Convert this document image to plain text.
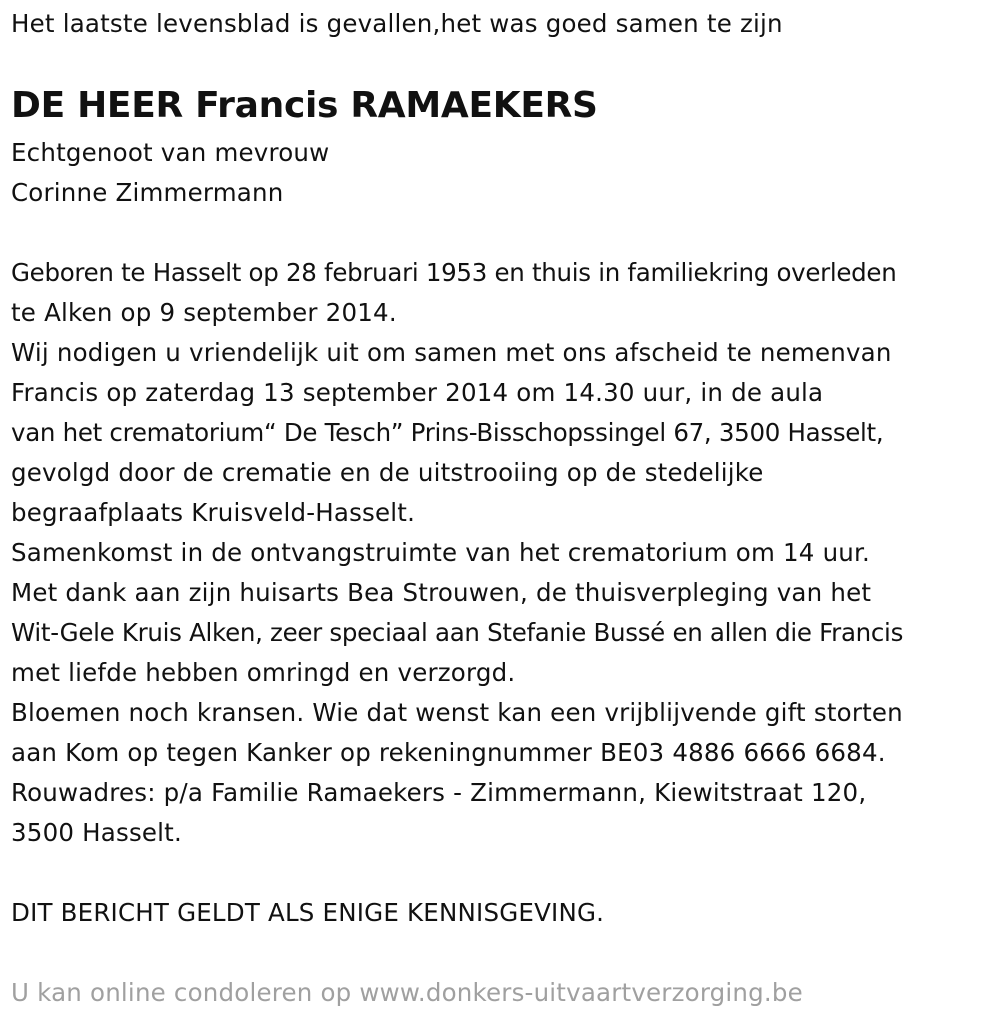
Het laatste levensblad is gevallen,het was goed samen te zijn
DE HEER Francis RAMAEKERS
Echtgenoot van mevrouw
Corinne Zimmermann
Geboren te Hasselt op 28 februari 1953 en thuis in familiekring overleden
te Alken op 9 september 2014.
Wij nodigen u vriendelijk uit om samen met ons afscheid te nemenvan
Francis op zaterdag 13 september 2014 om 14.30 uur, in de aula
van het crematorium“ De Tesch” Prins-Bisschopssingel 67, 3500 Hasselt,
gevolgd door de crematie en de uitstrooiing op de stedelijke
begraafplaats Kruisveld-Hasselt.
Samenkomst in de ontvangstruimte van het crematorium om 14 uur.
Met dank aan zijn huisarts Bea Strouwen, de thuisverpleging van het
Wit-Gele Kruis Alken, zeer speciaal aan Stefanie Bussé en allen die Francis
met liefde hebben omringd en verzorgd.
Bloemen noch kransen. Wie dat wenst kan een vrijblijvende gift storten
aan Kom op tegen Kanker op rekeningnummer BE03 4886 6666 6684.
Rouwadres: p/a Familie Ramaekers - Zimmermann, Kiewitstraat 120,
3500 Hasselt.
DIT BERICHT GELDT ALS ENIGE KENNISGEVING.
U kan online condoleren op www.donkers-uitvaartverzorging.be
